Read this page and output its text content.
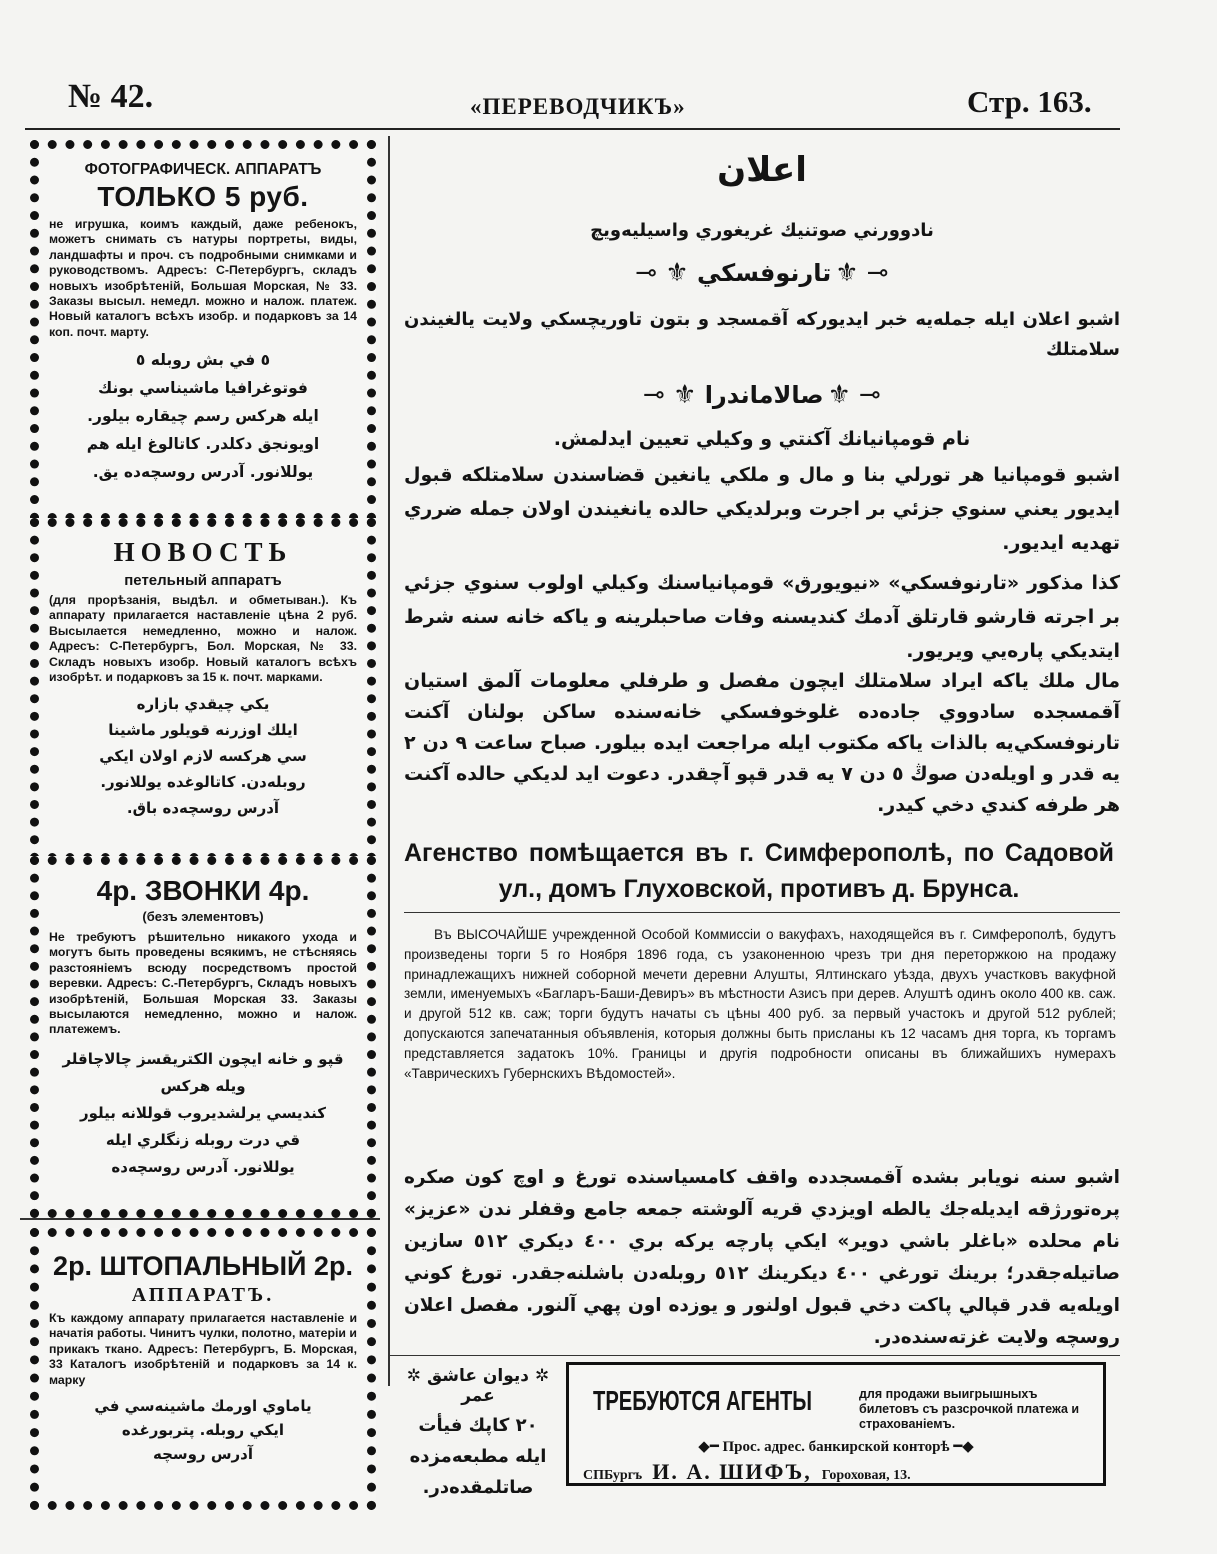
№ 42.	«ПЕРЕВОДЧИКЪ»	Стр. 163.
ФОТОГРАФИЧЕСК. АППАРАТЪ
ТОЛЬКО 5 руб.
не игрушка, коимъ каждый, даже ребенокъ, можетъ снимать съ натуры портреты, виды, ландшафты и проч. съ подробными снимками и руководствомъ. Адресъ: С-Петербургъ, складъ новыхъ изобрѣтеній, Большая Морская, № 33. Заказы высыл. немедл. можно и налож. платеж. Новый каталогъ всѣхъ изобр. и подарковъ за 14 коп. почт. марту.
٥ في بش روبله ٥
فوتوغرافيا ماشيناسي بونك
ايله هركس رسم چيقاره بيلور.
اويونجق دكلدر. كاتالوغ ايله هم
يوللانور. آدرس روسچه‌ده يق.
НОВОСТЬ
петельный аппаратъ
(для прорѣзанія, выдѣл. и обметыван.). Къ аппарату прилагается наставленіе цѣна 2 руб. Высылается немедленно, можно и налож. Адресъ: С-Петербургъ, Бол. Морская, № 33. Складъ новыхъ изобр. Новый каталогъ всѣхъ изобрѣт. и подарковъ за 15 к. почт. марками.
يكي چيقدي بازاره
ايلك اوزرنه قويلور ماشينا
سي هركسه لازم اولان ايكي
روبله‌دن. كاتالوغده يوللانور.
آدرس روسچه‌ده باق.
4р. ЗВОНКИ 4р.
(безъ элементовъ)
Не требуютъ рѣшительно никакого ухода и могутъ быть проведены всякимъ, не стѣсняясь разстояніемъ всюду посредствомъ простой веревки. Адресъ: С.-Петербургъ, Складъ новыхъ изобрѣтеній, Большая Морская 33. Заказы высылаются немедленно, можно и налож. платежемъ.
قپو و خانه ايچون الكتريقسز چالاچاقلر ويله هركس
كنديسي يرلشديروب قوللانه بيلور
قي درت روبله زنگلري ايله
يوللانور. آدرس روسچه‌ده
2р. ШТОПАЛЬНЫЙ 2р.
АППАРАТЪ.
Къ каждому аппарату прилагается наставленіе и начатія работы. Чинитъ чулки, полотно, матеріи и прикакъ ткано. Адресъ: Петербургъ, Б. Морская, 33 Каталогъ изобрѣтеній и подарковъ за 14 к. марку
ياماوي اورمك ماشينه‌سي في
ايكي روبله. پتربورغده
آدرس روسچه
اعلان
نادوورني صوتنيك غريغوري واسيليه‌ويچ
⊸ ⚜ تارنوفسكي ⚜ ⊸
اشبو اعلان ايله جمله‌يه خبر ايديورکه آقمسجد و بتون تاوريچسكي ولايت يالغيندن سلامتلك
⊸ ⚜ صالاماندرا ⚜ ⊸
نام قومپانيانك آكنتي و وكيلي تعيين ايدلمش.
اشبو قومپانيا هر تورلي بنا و مال و ملكي يانغين قضاسندن سلامتلكه قبول ايديور يعني سنوي جزئي بر اجرت وبرلديكي حالده يانغيندن اولان جمله ضرري تهديه ايديور.
كذا مذكور «تارنوفسكي» «نيويورق» قومپانياسنك وكيلي اولوب سنوي جزئي بر اجرته قارشو قارتلق آدمك كنديسنه وفات صاحبلرينه و ياكه خانه سنه شرط ايتديكي پاره‌يي ويريور.
مال ملك ياكه ايراد سلامتلك ايچون مفصل و طرفلي معلومات آلمق استيان آقمسجده سادووي جاده‌ده غلوخوفسكي خانه‌سنده ساكن بولنان آكنت تارنوفسكي‌يه بالذات ياكه مكتوب ايله مراجعت ايده بيلور. صباح ساعت ٩ دن ٢ يه قدر و اويله‌دن صوڭ ٥ دن ٧ يه قدر قپو آچقدر. دعوت ايد لديكي حالده آكنت هر طرفه كندي دخي كيدر.
Агенство помѣщается въ г. Симферополѣ, по Садовой ул., домъ Глуховской, противъ д. Брунса.
Въ ВЫСОЧАЙШЕ учрежденной Особой Коммиссіи о вакуфахъ, находящейся въ г. Симферополѣ, будутъ произведены торги 5 го Ноября 1896 года, съ узаконенною чрезъ три дня переторжкою на продажу принадлежащихъ нижней соборной мечети деревни Алушты, Ялтинскаго уѣзда, двухъ участковъ вакуфной земли, именуемыхъ «Багларъ-Баши-Девиръ» въ мѣстности Азисъ при дерев. Алуштѣ одинъ около 400 кв. саж. и другой 512 кв. саж; торги будутъ начаты съ цѣны 400 руб. за первый участокъ и другой 512 рублей; допускаются запечатанныя объявленія, которыя должны быть присланы къ 12 часамъ дня торга, къ торгамъ представляется задатокъ 10%. Границы и другія подробности описаны въ ближайшихъ нумерахъ «Таврическихъ Губернскихъ Вѣдомостей».
اشبو سنه نويابر بشده آقمسجدده واقف كامسياسنده تورغ و اوچ كون صكره پره‌تورژقه ايديله‌جك يالطه اويزدي قريه آلوشته جمعه جامع وقفلر ندن «عزيز» نام محلده «باغلر باشي دوير» ايكي پارچه يركه بري ٤٠٠ ديكري ٥١٢ سازين صاتيله‌جقدر؛ برينك تورغي ٤٠٠ ديكرينك ٥١٢ روبله‌دن باشلنه‌جقدر. تورغ كوني اويله‌يه قدر قپالي پاكت دخي قبول اولنور و يوزده اون پهي آلنور. مفصل اعلان روسچه ولايت غزته‌سنده‌در.
✲ ديوان عاشق ✲
عمر
٢٠ كاپك فيأت
ايله مطبعه‌مزده
صاتلمقده‌در.
ТРЕБУЮТСЯ АГЕНТЫ	для продажи выигрышныхъ билетовъ съ разсрочкой платежа и страхованіемъ.
◆━ Прос. адрес. банкирской конторѣ ━◆
СПБургъ И. А. ШИФЪ, Гороховая, 13.
